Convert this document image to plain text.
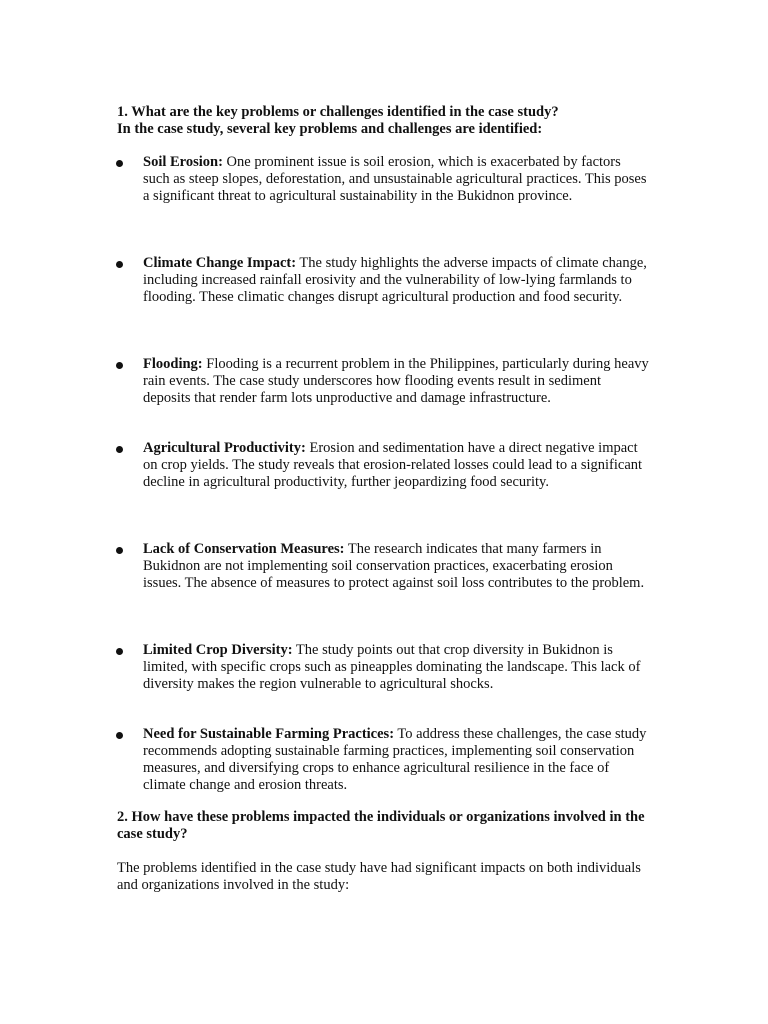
1. What are the key problems or challenges identified in the case study?

In the case study, several key problems and challenges are identified:

Soil Erosion: One prominent issue is soil erosion, which is exacerbated by factors such as steep slopes, deforestation, and unsustainable agricultural practices. This poses a significant threat to agricultural sustainability in the Bukidnon province.

Climate Change Impact: The study highlights the adverse impacts of climate change, including increased rainfall erosivity and the vulnerability of low-lying farmlands to flooding. These climatic changes disrupt agricultural production and food security.

Flooding: Flooding is a recurrent problem in the Philippines, particularly during heavy rain events. The case study underscores how flooding events result in sediment deposits that render farm lots unproductive and damage infrastructure.

Agricultural Productivity: Erosion and sedimentation have a direct negative impact on crop yields. The study reveals that erosion-related losses could lead to a significant decline in agricultural productivity, further jeopardizing food security.

Lack of Conservation Measures: The research indicates that many farmers in Bukidnon are not implementing soil conservation practices, exacerbating erosion issues. The absence of measures to protect against soil loss contributes to the problem.

Limited Crop Diversity: The study points out that crop diversity in Bukidnon is limited, with specific crops such as pineapples dominating the landscape. This lack of diversity makes the region vulnerable to agricultural shocks.

Need for Sustainable Farming Practices: To address these challenges, the case study recommends adopting sustainable farming practices, implementing soil conservation measures, and diversifying crops to enhance agricultural resilience in the face of climate change and erosion threats.

2. How have these problems impacted the individuals or organizations involved in the case study?

The problems identified in the case study have had significant impacts on both individuals and organizations involved in the study:
